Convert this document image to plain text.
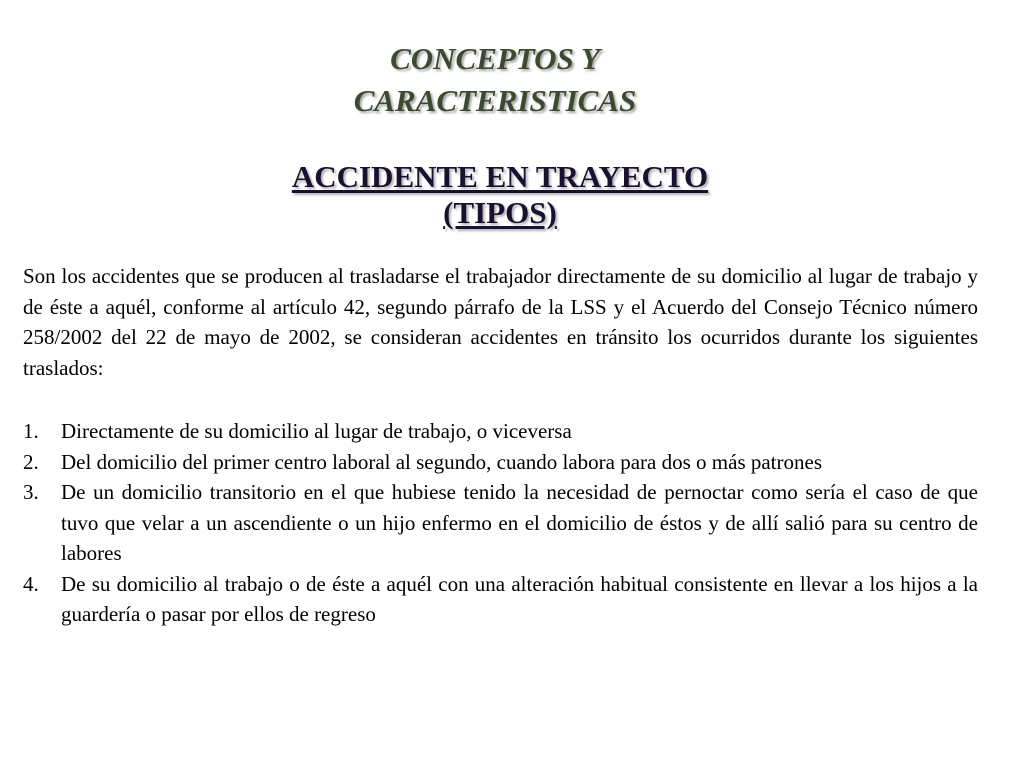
CONCEPTOS Y
CARACTERISTICAS
ACCIDENTE EN TRAYECTO
(TIPOS)

Son los accidentes que se producen al trasladarse el trabajador directamente de su domicilio al lugar de trabajo y de éste a aquél, conforme al artículo 42, segundo párrafo de la LSS y el Acuerdo del Consejo Técnico número 258/2002 del 22 de mayo de 2002, se consideran accidentes en tránsito los ocurridos durante los siguientes traslados:

1. Directamente de su domicilio al lugar de trabajo, o viceversa
2. Del domicilio del primer centro laboral al segundo, cuando labora para dos o más patrones
3. De un domicilio transitorio en el que hubiese tenido la necesidad de pernoctar como sería el caso de que tuvo que velar a un ascendiente o un hijo enfermo en el domicilio de éstos y de allí salió para su centro de labores
4. De su domicilio al trabajo o de éste a aquél con una alteración habitual consistente en llevar a los hijos a la guardería o pasar por ellos de regreso
